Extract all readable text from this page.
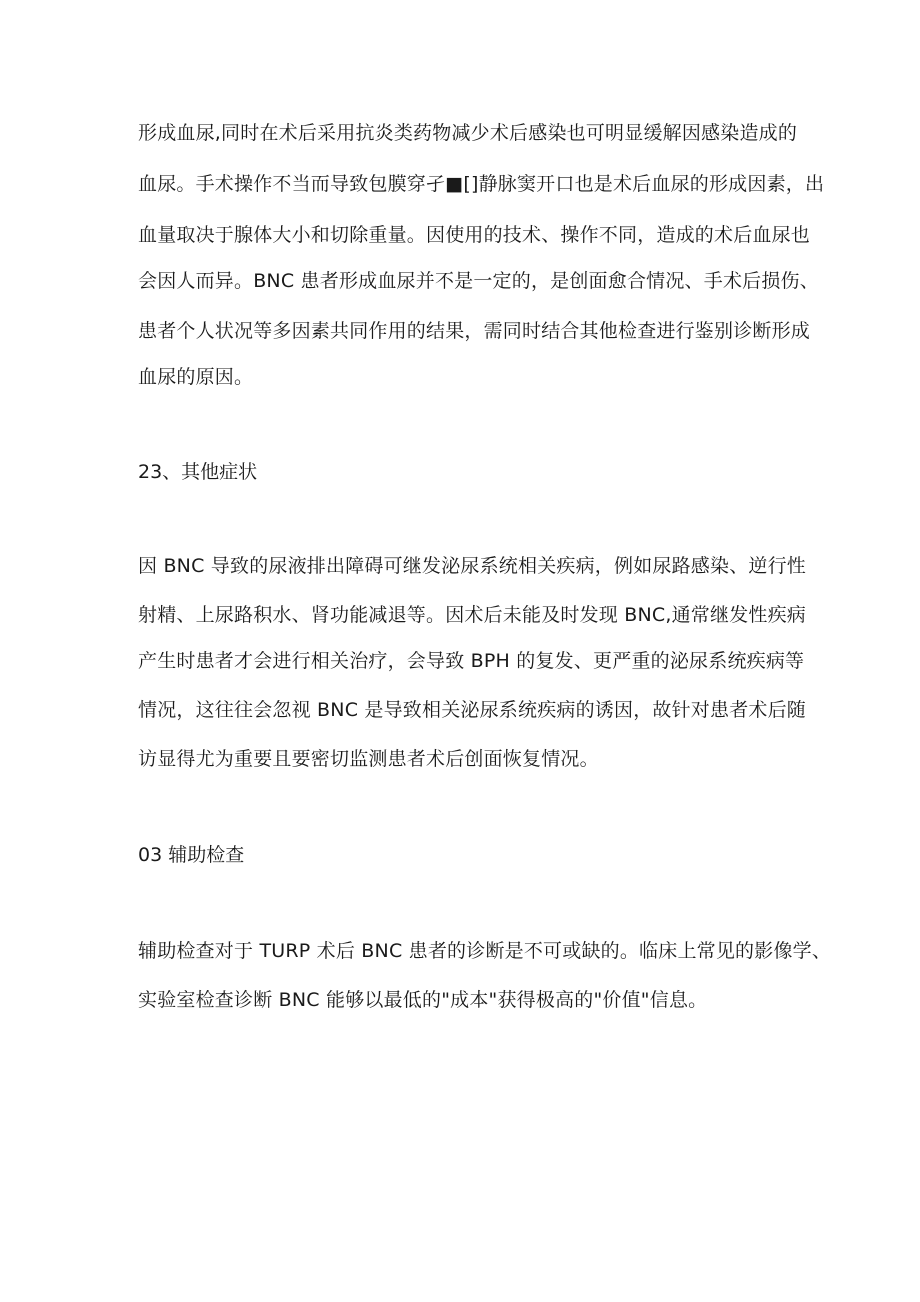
形成血尿,同时在术后采用抗炎类药物减少术后感染也可明显缓解因感染造成的
血尿。手术操作不当而导致包膜穿孑■[]静脉窦开口也是术后血尿的形成因素，出
血量取决于腺体大小和切除重量。因使用的技术、操作不同，造成的术后血尿也
会因人而异。BNC 患者形成血尿并不是一定的，是创面愈合情况、手术后损伤、
患者个人状况等多因素共同作用的结果，需同时结合其他检查进行鉴别诊断形成
血尿的原因。
23、其他症状
因 BNC 导致的尿液排出障碍可继发泌尿系统相关疾病，例如尿路感染、逆行性
射精、上尿路积水、肾功能减退等。因术后未能及时发现 BNC,通常继发性疾病
产生时患者才会进行相关治疗，会导致 BPH 的复发、更严重的泌尿系统疾病等
情况，这往往会忽视 BNC 是导致相关泌尿系统疾病的诱因，故针对患者术后随
访显得尤为重要且要密切监测患者术后创面恢复情况。
03 辅助检查
辅助检查对于 TURP 术后 BNC 患者的诊断是不可或缺的。临床上常见的影像学、
实验室检查诊断 BNC 能够以最低的"成本"获得极高的"价值"信息。
